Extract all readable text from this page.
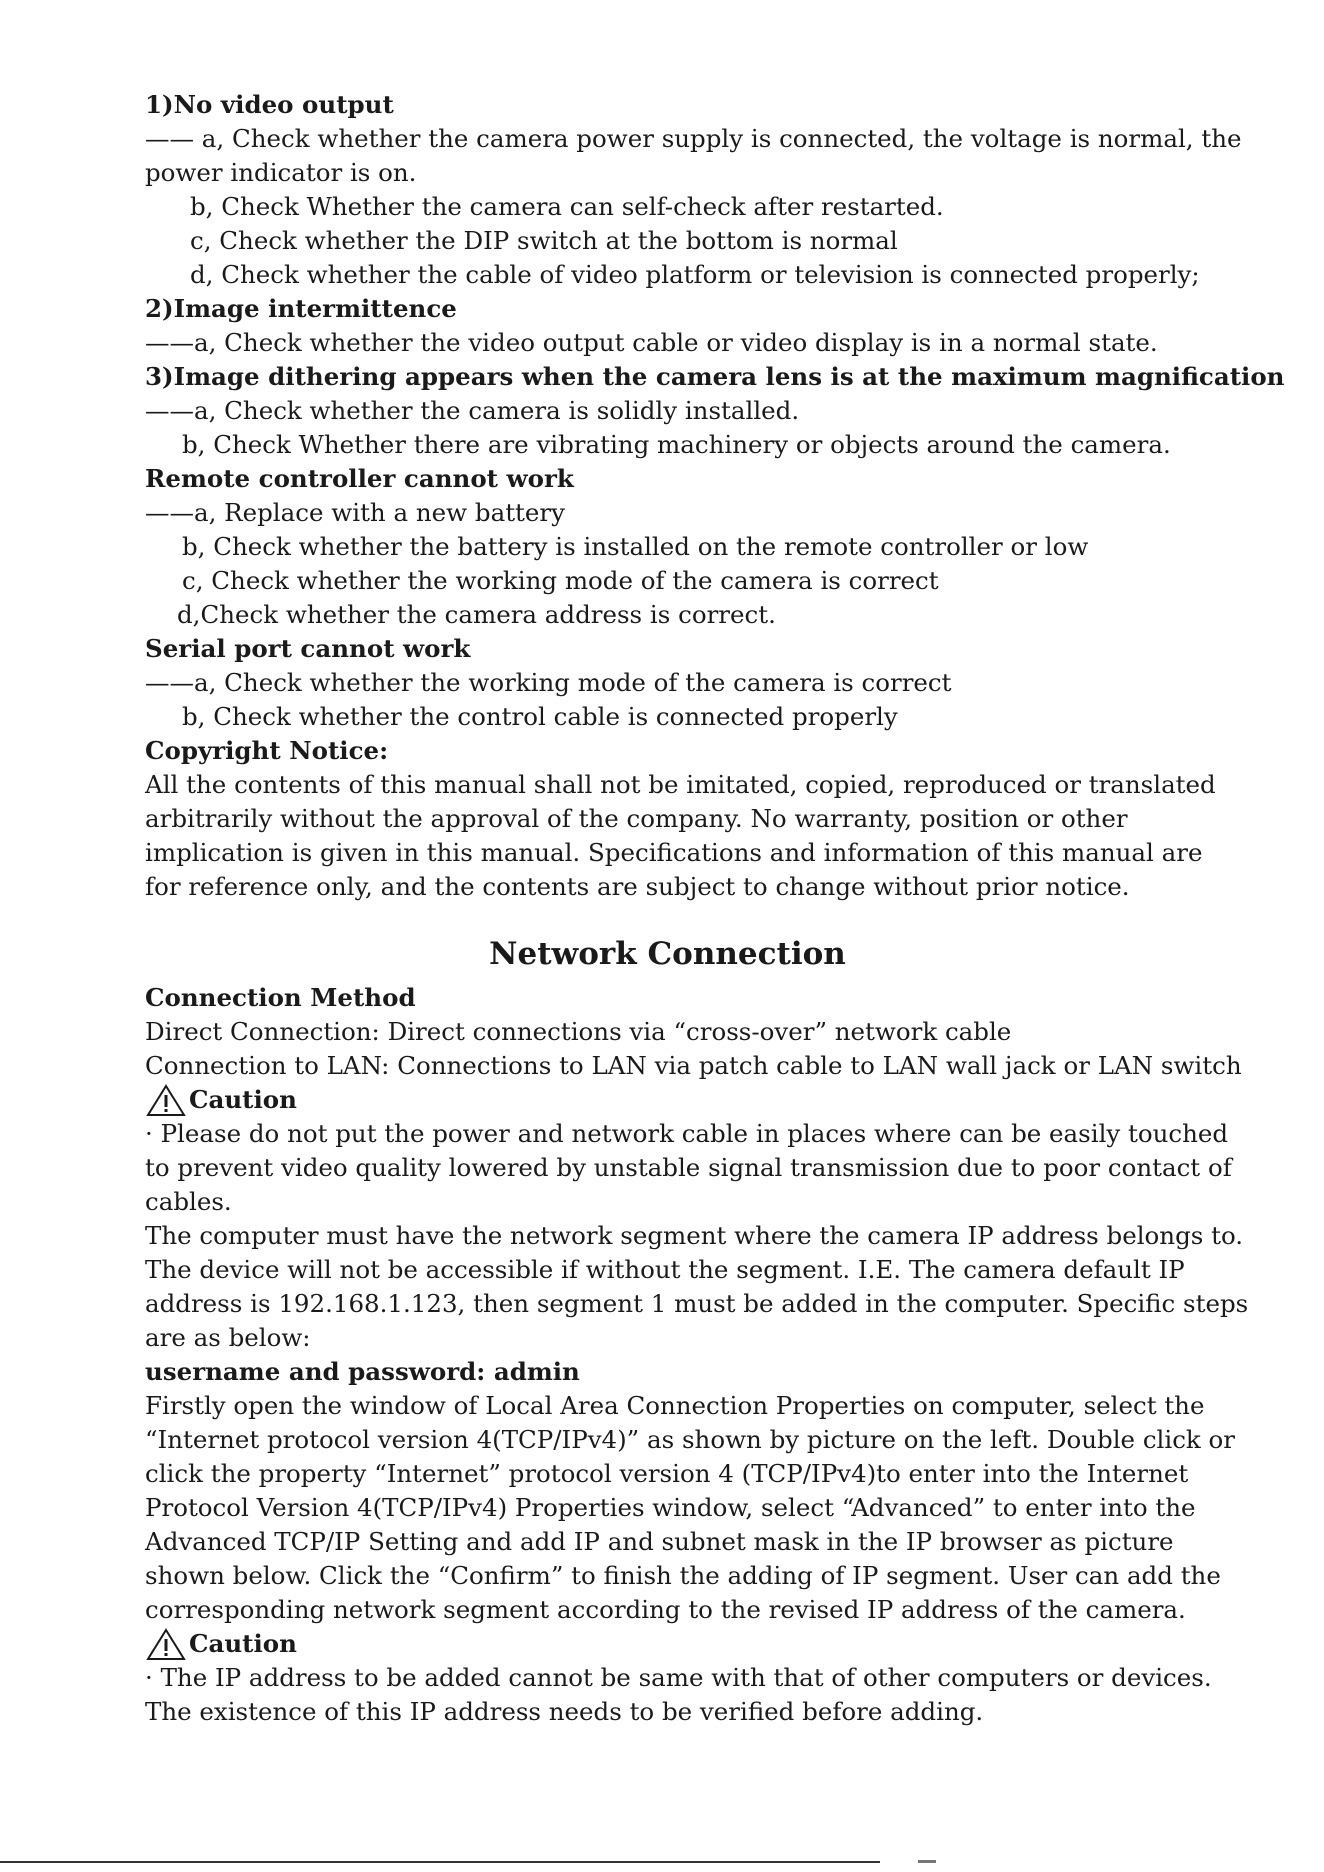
1)No video output
—— a, Check whether the camera power supply is connected, the voltage is normal, the
power indicator is on.
b, Check Whether the camera can self-check after restarted.
c, Check whether the DIP switch at the bottom is normal
d, Check whether the cable of video platform or television is connected properly;
2)Image intermittence
——a, Check whether the video output cable or video display is in a normal state.
3)Image dithering appears when the camera lens is at the maximum magnification
——a, Check whether the camera is solidly installed.
b, Check Whether there are vibrating machinery or objects around the camera.
Remote controller cannot work
——a, Replace with a new battery
b, Check whether the battery is installed on the remote controller or low
c, Check whether the working mode of the camera is correct
d,Check whether the camera address is correct.
Serial port cannot work
——a, Check whether the working mode of the camera is correct
b, Check whether the control cable is connected properly
Copyright Notice:
All the contents of this manual shall not be imitated, copied, reproduced or translated
arbitrarily without the approval of the company. No warranty, position or other
implication is given in this manual. Specifications and information of this manual are
for reference only, and the contents are subject to change without prior notice.
Network Connection
Connection Method
Direct Connection: Direct connections via “cross-over” network cable
Connection to LAN: Connections to LAN via patch cable to LAN wall jack or LAN switch
Caution
· Please do not put the power and network cable in places where can be easily touched
to prevent video quality lowered by unstable signal transmission due to poor contact of
cables.
The computer must have the network segment where the camera IP address belongs to.
The device will not be accessible if without the segment. I.E. The camera default IP
address is 192.168.1.123, then segment 1 must be added in the computer. Specific steps
are as below:
username and password: admin
Firstly open the window of Local Area Connection Properties on computer, select the
“Internet protocol version 4(TCP/IPv4)” as shown by picture on the left. Double click or
click the property “Internet” protocol version 4 (TCP/IPv4)to enter into the Internet
Protocol Version 4(TCP/IPv4) Properties window, select “Advanced” to enter into the
Advanced TCP/IP Setting and add IP and subnet mask in the IP browser as picture
shown below. Click the “Confirm” to finish the adding of IP segment. User can add the
corresponding network segment according to the revised IP address of the camera.
Caution
· The IP address to be added cannot be same with that of other computers or devices.
The existence of this IP address needs to be verified before adding.
